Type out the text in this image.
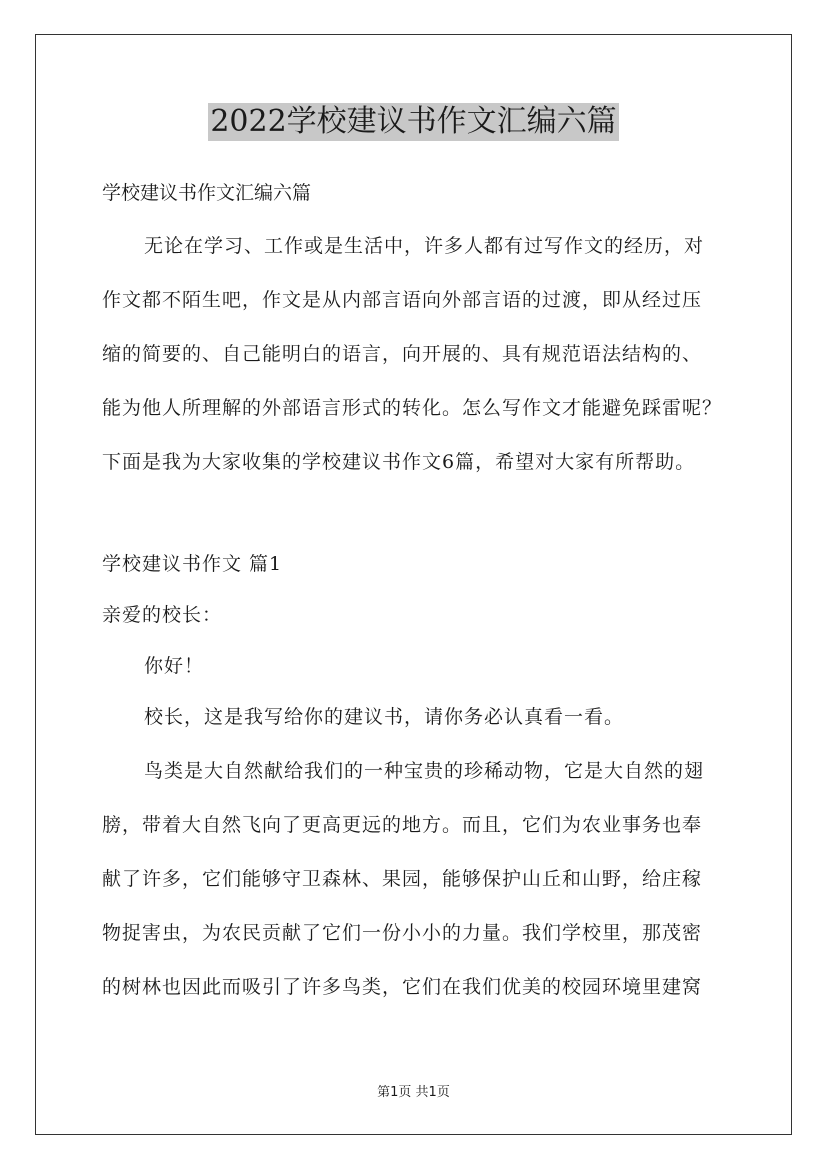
2022学校建议书作文汇编六篇

学校建议书作文汇编六篇

无论在学习、工作或是生活中，许多人都有过写作文的经历，对

作文都不陌生吧，作文是从内部言语向外部言语的过渡，即从经过压

缩的简要的、自己能明白的语言，向开展的、具有规范语法结构的、

能为他人所理解的外部语言形式的转化。怎么写作文才能避免踩雷呢？

下面是我为大家收集的学校建议书作文6篇，希望对大家有所帮助。

学校建议书作文 篇1

亲爱的校长：

你好！

校长，这是我写给你的建议书，请你务必认真看一看。

鸟类是大自然献给我们的一种宝贵的珍稀动物，它是大自然的翅

膀，带着大自然飞向了更高更远的地方。而且，它们为农业事务也奉

献了许多，它们能够守卫森林、果园，能够保护山丘和山野，给庄稼

物捉害虫，为农民贡献了它们一份小小的力量。我们学校里，那茂密

的树林也因此而吸引了许多鸟类，它们在我们优美的校园环境里建窝

第1页 共1页
